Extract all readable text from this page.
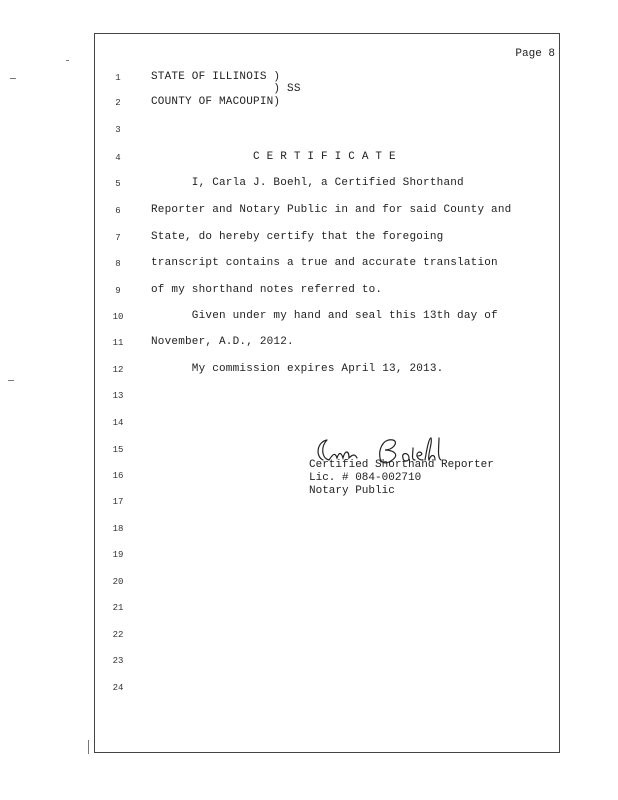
Page 8
1	STATE OF ILLINOIS )
) SS
2	COUNTY OF MACOUPIN)
3
4	C E R T I F I C A T E
5	I, Carla J. Boehl, a Certified Shorthand
6	Reporter and Notary Public in and for said County and
7	State, do hereby certify that the foregoing
8	transcript contains a true and accurate translation
9	of my shorthand notes referred to.
10	Given under my hand and seal this 13th day of
11	November, A.D., 2012.
12	My commission expires April 13, 2013.
13
14
15
16
17
18
19
20
21
22
23
24
Certified Shorthand Reporter
Lic. # 084-002710
Notary Public
